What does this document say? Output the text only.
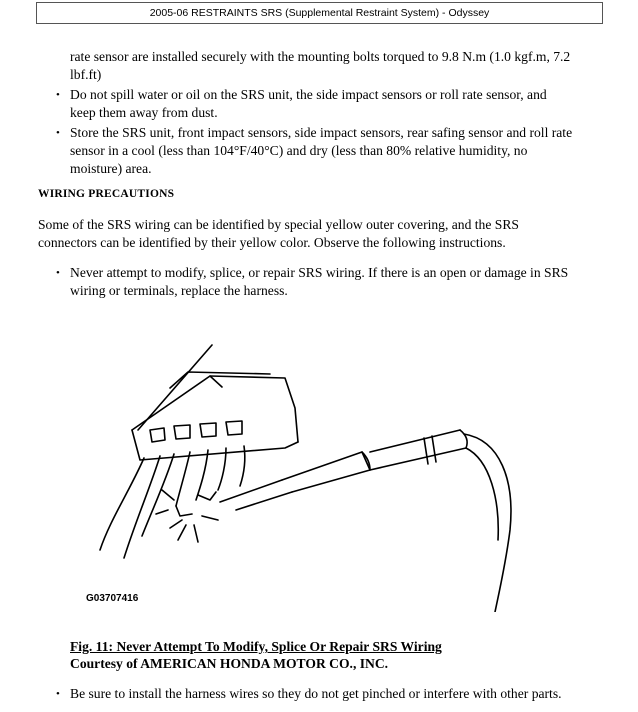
2005-06 RESTRAINTS SRS (Supplemental Restraint System) - Odyssey
rate sensor are installed securely with the mounting bolts torqued to 9.8 N.m (1.0 kgf.m, 7.2
lbf.ft)
• Do not spill water or oil on the SRS unit, the side impact sensors or roll rate sensor, and
keep them away from dust.
• Store the SRS unit, front impact sensors, side impact sensors, rear safing sensor and roll rate
sensor in a cool (less than 104°F/40°C) and dry (less than 80% relative humidity, no
moisture) area.
WIRING PRECAUTIONS
Some of the SRS wiring can be identified by special yellow outer covering, and the SRS
connectors can be identified by their yellow color. Observe the following instructions.
• Never attempt to modify, splice, or repair SRS wiring. If there is an open or damage in SRS
wiring or terminals, replace the harness.
G03707416
Fig. 11: Never Attempt To Modify, Splice Or Repair SRS Wiring
Courtesy of AMERICAN HONDA MOTOR CO., INC.
• Be sure to install the harness wires so they do not get pinched or interfere with other parts.
